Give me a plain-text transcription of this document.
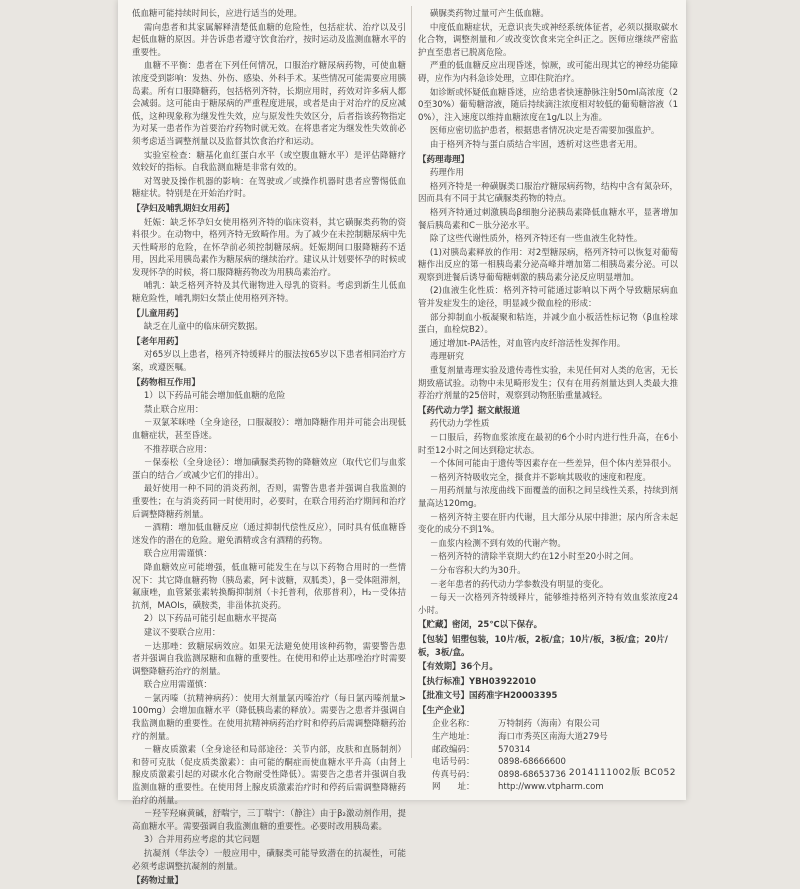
低血糖可能持续时间长，应进行适当的处理。
需向患者和其家属解释清楚低血糖的危险性，包括症状、治疗以及引起低血糖的原因。并告诉患者遵守饮食治疗，按时运动及监测血糖水平的重要性。
血糖不平衡：患者在下列任何情况，口服治疗糖尿病药物，可使血糖浓度受到影响：发热、外伤、感染、外科手术。某些情况可能需要应用胰岛素。所有口服降糖药，包括格列齐特，长期应用时，药效对许多病人都会减弱。这可能由于糖尿病的严重程度进展，或者是由于对治疗的反应减低，这种现象称为继发性失效，应与原发性失效区分，后者指该药物指定为对某一患者作为首要治疗药物时就无效。在将患者定为继发性失效前必须考虑适当调整剂量以及监督其饮食治疗和运动。
实验室检查：糖基化血红蛋白水平（或空腹血糖水平）是评估降糖疗效较好的指标。自我监测血糖是非常有效的。
对驾驶及操作机器的影响：在驾驶或／或操作机器时患者应警惕低血糖症状。特别是在开始治疗时。
【孕妇及哺乳期妇女用药】
妊娠：缺乏怀孕妇女使用格列齐特的临床资料，其它磺脲类药物的资料很少。在动物中，格列齐特无致畸作用。为了减少在未控制糖尿病中先天性畸形的危险，在怀孕前必须控制糖尿病。妊娠期间口服降糖药不适用，因此采用胰岛素作为糖尿病的继续治疗。建议从计划要怀孕的时候或发现怀孕的时候，将口服降糖药物改为用胰岛素治疗。
哺乳：缺乏格列齐特及其代谢物进入母乳的资料。考虑到新生儿低血糖危险性，哺乳期妇女禁止使用格列齐特。
【儿童用药】
缺乏在儿童中的临床研究数据。
【老年用药】
对65岁以上患者，格列齐特缓释片的服法按65岁以下患者相同治疗方案，或遵医嘱。
【药物相互作用】
1）以下药品可能会增加低血糖的危险
禁止联合应用：
－双氯苯咪唑（全身途径，口服凝胶）：增加降糖作用并可能会出现低血糖症状，甚至昏迷。
不推荐联合应用：
－保泰松（全身途径）：增加磺脲类药物的降糖效应（取代它们与血浆蛋白的结合／或减少它们的排出）。
最好使用一种不同的消炎药剂，否则，需警告患者并强调自我监测的重要性；在与消炎药同一时使用时，必要时，在联合用药治疗期间和治疗后调整降糖药剂量。
－酒精：增加低血糖反应（通过抑制代偿性反应），同时具有低血糖昏迷发作的潜在的危险。避免酒精或含有酒精的药物。
联合应用需谨慎：
降血糖效应可能增强，低血糖可能发生在与以下药物合用时的一些情况下：其它降血糖药物（胰岛素，阿卡波糖，双胍类），β－受体阻滞剂，氟康唑，血管紧张素转换酶抑制剂（卡托普利，依那普利），H₂－受体拮抗剂，MAOIs，磺胺类，非甾体抗炎药。
2）以下药品可能引起血糖水平提高
建议不要联合应用：
－达那唑：致糖尿病效应。如果无法避免使用该种药物，需要警告患者并强调自我监测尿糖和血糖的重要性。在使用和停止达那唑治疗时需要调整降糖药治疗的剂量。
联合应用需谨慎：
－氯丙嗪（抗精神病药）：使用大剂量氯丙嗪治疗（每日氯丙嗪剂量>100mg）会增加血糖水平（降低胰岛素的释放）。需要告之患者并强调自我监测血糖的重要性。在使用抗精神病药治疗时和停药后需调整降糖药治疗的剂量。
－糖皮质激素（全身途径和局部途径：关节内部，皮肤和直肠制剂）和替可克肽（促皮质类激素）：由可能的酮症而使血糖水平升高（由肾上腺皮质激素引起的对碳水化合物耐受性降低）。需要告之患者并强调自我监测血糖的重要性。在使用肾上腺皮质激素治疗时和停药后需调整降糖药治疗的剂量。
－羟苄羟麻黄碱，舒喘宁，三丁喘宁：（静注）由于β₂激动剂作用，提高血糖水平。需要强调自我监测血糖的重要性。必要时改用胰岛素。
3）合并用药应考虑的其它问题
抗凝剂（华法令）一般应用中，磺脲类可能导致潜在的抗凝性，可能必须考虑调整抗凝剂的剂量。
【药物过量】
磺脲类药物过量可产生低血糖。
中度低血糖症状，无意识丧失或神经系统体征者，必须以摄取碳水化合物，调整剂量和／或改变饮食来完全纠正之。医师应继续严密监护直至患者已脱离危险。
严重的低血糖反应出现昏迷，惊厥，或可能出现其它的神经功能障碍，应作为内科急诊处理，立即住院治疗。
如诊断或怀疑低血糖昏迷，应给患者快速静脉注射50ml高浓度（20至30%）葡萄糖溶液，随后持续滴注浓度相对较低的葡萄糖溶液（10%），注入速度以维持血糖浓度在1g/L以上为准。
医师应密切监护患者，根据患者情况决定是否需要加强监护。
由于格列齐特与蛋白质结合牢固，透析对这些患者无用。
【药理毒理】
药理作用
格列齐特是一种磺脲类口服治疗糖尿病药物，结构中含有氮杂环，因而具有不同于其它磺脲类药物的特点。
格列齐特通过刺激胰岛β细胞分泌胰岛素降低血糖水平，显著增加餐后胰岛素和C－肽分泌水平。
除了这些代谢性质外，格列齐特还有一些血液生化特性。
(1)对胰岛素释放的作用：对2型糖尿病，格列齐特可以恢复对葡萄糖作出反应的第一相胰岛素分泌高峰并增加第二相胰岛素分泌。可以观察到进餐后诱导葡萄糖刺激的胰岛素分泌反应明显增加。
(2)血液生化性质：格列齐特可能通过影响以下两个导致糖尿病血管并发症发生的途径，明显减少微血栓的形成：
部分抑制血小板凝聚和粘连，并减少血小板活性标记物（β血栓球蛋白，血栓烷B2）。
通过增加t-PA活性，对血管内皮纤溶活性发挥作用。
毒理研究
重复剂量毒理实验及遗传毒性实验，未见任何对人类的危害，无长期致癌试验。动物中未见畸形发生；仅有在用药剂量达到人类最大推荐治疗剂量的25倍时，观察到动物胚胎重量减轻。
【药代动力学】据文献报道
药代动力学性质
－口服后，药物血浆浓度在最初的6个小时内进行性升高，在6小时至12小时之间达到稳定状态。
－个体间可能由于遗传等因素存在一些差异，但个体内差异很小。
－格列齐特吸收完全，摄食并不影响其吸收的速度和程度。
－用药剂量与浓度曲线下面覆盖的面积之间呈线性关系，持续到剂量高达120mg。
－格列齐特主要在肝内代谢，且大部分从尿中排泄；尿内所含未起变化的成分不到1%。
－血浆内检测不到有效的代谢产物。
－格列齐特的清除半衰期大约在12小时至20小时之间。
－分布容积大约为30升。
－老年患者的药代动力学参数没有明显的变化。
－每天一次格列齐特缓释片，能够维持格列齐特有效血浆浓度24小时。
【贮藏】密闭，25℃以下保存。
【包装】铝塑包装，10片/板，2板/盒；10片/板，3板/盒；20片/板，3板/盒。
【有效期】36个月。
【执行标准】YBH03922010
【批准文号】国药准字H20003395
【生产企业】
企业名称：	万特制药（海南）有限公司
生产地址：	海口市秀英区南海大道279号
邮政编码：	570314
电话号码：	0898-68666600
传真号码：	0898-68653736
网　　址：	http://www.vtpharm.com
2014111002版 BC052
